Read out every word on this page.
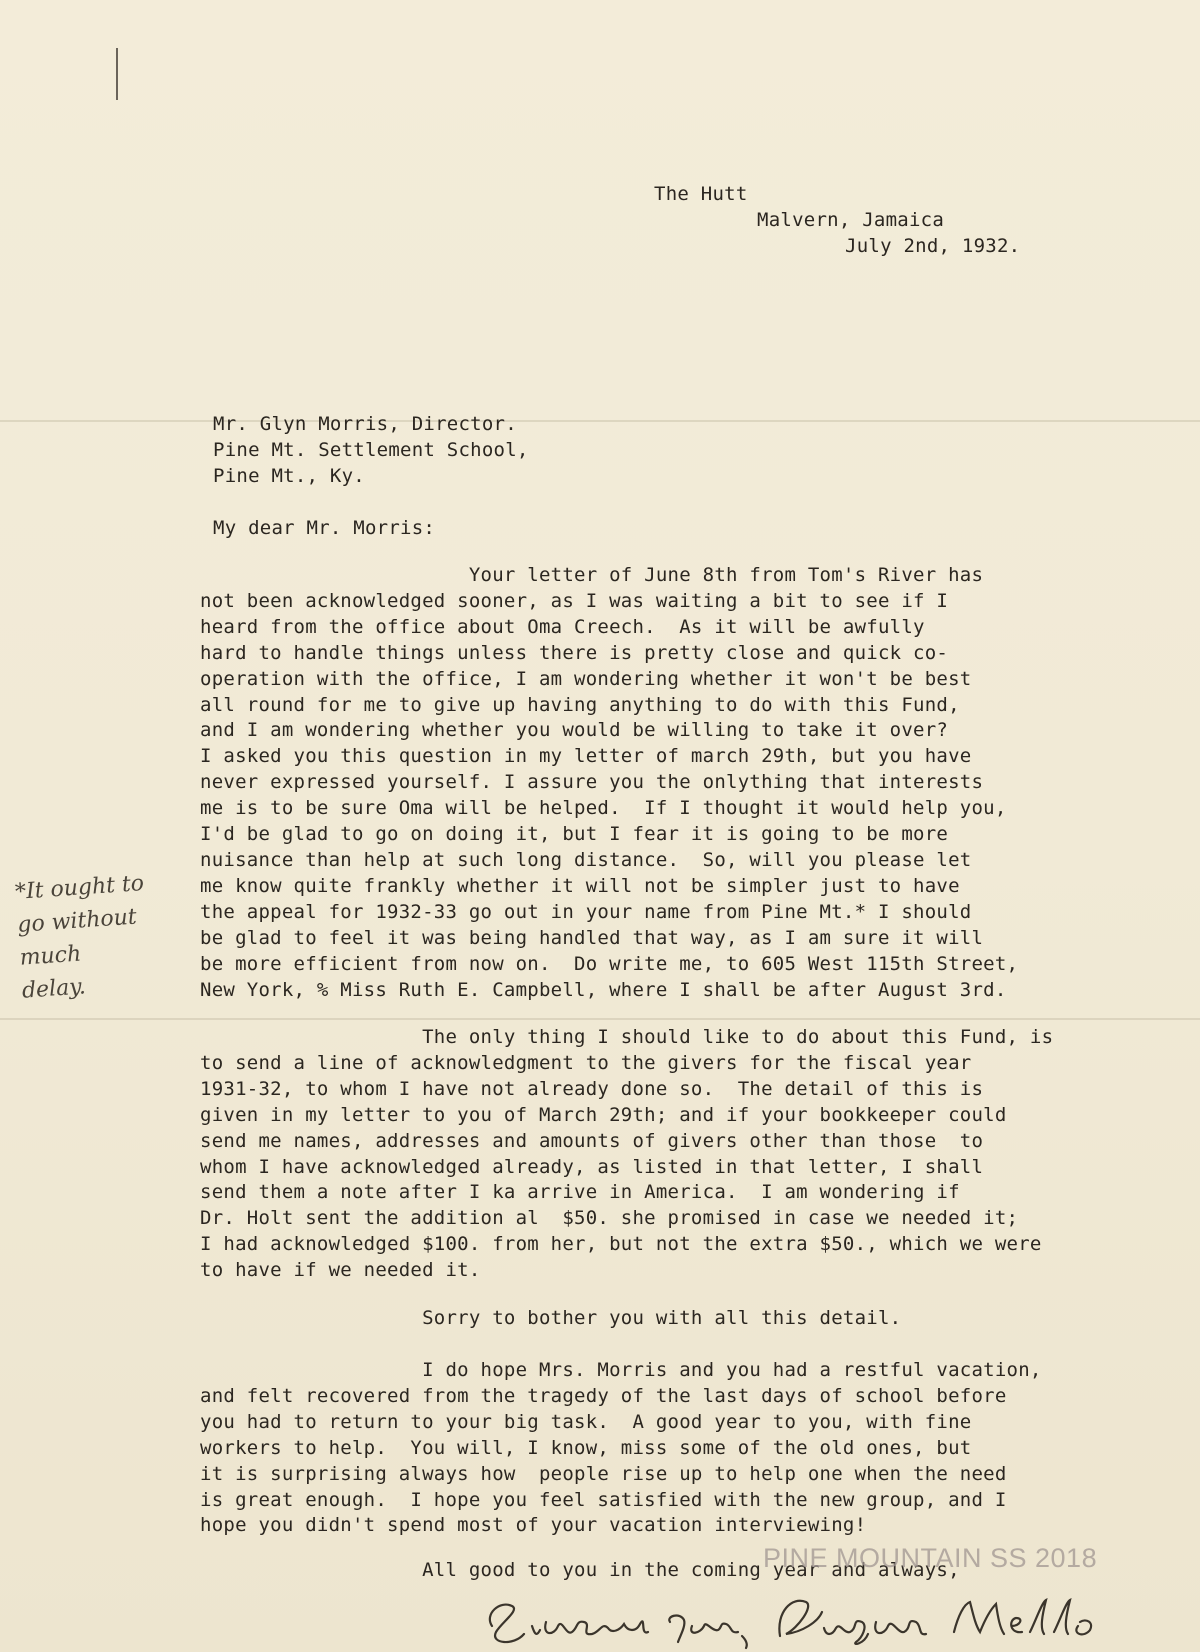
The Hutt

Malvern, Jamaica

July 2nd, 1932.

Mr. Glyn Morris, Director.

Pine Mt. Settlement School,

Pine Mt., Ky.

My dear Mr. Morris:
Your letter of June 8th from Tom's River has
not been acknowledged sooner, as I was waiting a bit to see if I
heard from the office about Oma Creech.  As it will be awfully
hard to handle things unless there is pretty close and quick co-
operation with the office, I am wondering whether it won't be best
all round for me to give up having anything to do with this Fund,
and I am wondering whether you would be willing to take it over?
I asked you this question in my letter of march 29th, but you have
never expressed yourself. I assure you the onlything that interests
me is to be sure Oma will be helped.  If I thought it would help you,
I'd be glad to go on doing it, but I fear it is going to be more
nuisance than help at such long distance.  So, will you please let
me know quite frankly whether it will not be simpler just to have
the appeal for 1932-33 go out in your name from Pine Mt.* I should
be glad to feel it was being handled that way, as I am sure it will
be more efficient from now on.  Do write me, to 605 West 115th Street,
New York, % Miss Ruth E. Campbell, where I shall be after August 3rd.
The only thing I should like to do about this Fund, is
to send a line of acknowledgment to the givers for the fiscal year
1931-32, to whom I have not already done so.  The detail of this is
given in my letter to you of March 29th; and if your bookkeeper could
send me names, addresses and amounts of givers other than those  to
whom I have acknowledged already, as listed in that letter, I shall
send them a note after I ka arrive in America.  I am wondering if
Dr. Holt sent the addition al  $50. she promised in case we needed it;
I had acknowledged $100. from her, but not the extra $50., which we were
to have if we needed it.
Sorry to bother you with all this detail.
I do hope Mrs. Morris and you had a restful vacation,
and felt recovered from the tragedy of the last days of school before
you had to return to your big task.  A good year to you, with fine
workers to help.  You will, I know, miss some of the old ones, but
it is surprising always how  people rise up to help one when the need
is great enough.  I hope you feel satisfied with the new group, and I
hope you didn't spend most of your vacation interviewing!
All good to you in the coming year and always,
*It ought to
go without
much
delay.
PINE MOUNTAIN SS 2018
